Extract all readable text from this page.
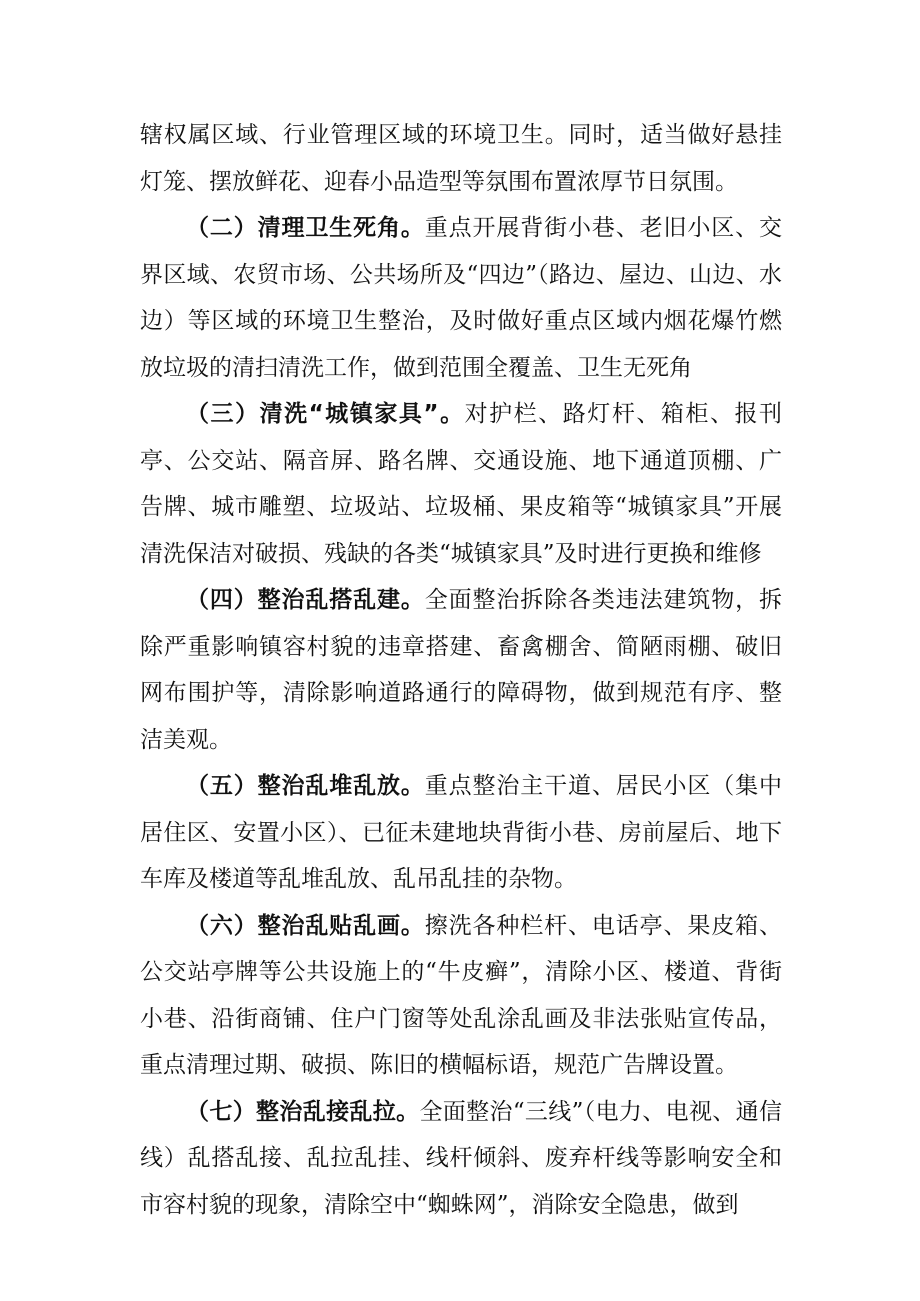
辖权属区域、行业管理区域的环境卫生。同时，适当做好悬挂灯笼、摆放鲜花、迎春小品造型等氛围布置浓厚节日氛围。

（二）清理卫生死角。重点开展背街小巷、老旧小区、交界区域、农贸市场、公共场所及“四边”（路边、屋边、山边、水边）等区域的环境卫生整治，及时做好重点区域内烟花爆竹燃放垃圾的清扫清洗工作，做到范围全覆盖、卫生无死角

（三）清洗“城镇家具”。对护栏、路灯杆、箱柜、报刊亭、公交站、隔音屏、路名牌、交通设施、地下通道顶棚、广告牌、城市雕塑、垃圾站、垃圾桶、果皮箱等“城镇家具”开展清洗保洁对破损、残缺的各类“城镇家具”及时进行更换和维修

（四）整治乱搭乱建。全面整治拆除各类违法建筑物，拆除严重影响镇容村貌的违章搭建、畜禽棚舍、简陋雨棚、破旧网布围护等，清除影响道路通行的障碍物，做到规范有序、整洁美观。

（五）整治乱堆乱放。重点整治主干道、居民小区（集中居住区、安置小区）、已征未建地块背街小巷、房前屋后、地下车库及楼道等乱堆乱放、乱吊乱挂的杂物。

（六）整治乱贴乱画。擦洗各种栏杆、电话亭、果皮箱、公交站亭牌等公共设施上的“牛皮癣”，清除小区、楼道、背街小巷、沿街商铺、住户门窗等处乱涂乱画及非法张贴宣传品，重点清理过期、破损、陈旧的横幅标语，规范广告牌设置。

（七）整治乱接乱拉。全面整治“三线”（电力、电视、通信线）乱搭乱接、乱拉乱挂、线杆倾斜、废弃杆线等影响安全和市容村貌的现象，清除空中“蜘蛛网”，消除安全隐患，做到
